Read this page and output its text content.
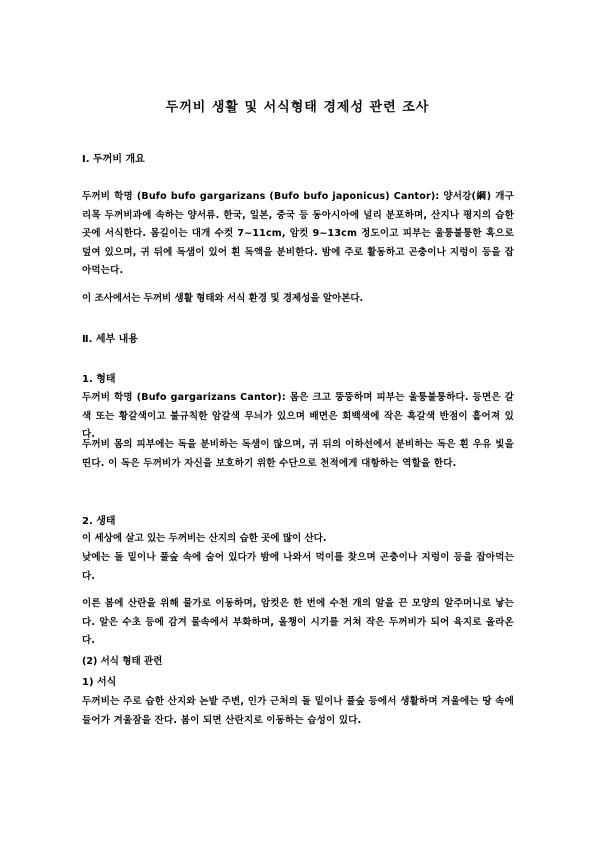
두꺼비 생활 및 서식형태 경제성 관련 조사
Ⅰ. 두꺼비 개요
두꺼비 학명 (Bufo bufo gargarizans (Bufo bufo japonicus) Cantor): 양서강(綱) 개구리목 두꺼비과에 속하는 양서류. 한국, 일본, 중국 등 동아시아에 널리 분포하며, 산지나 평지의 습한 곳에 서식한다. 몸길이는 대개 수컷 7~11cm, 암컷 9~13cm 정도이고 피부는 울퉁불퉁한 혹으로 덮여 있으며, 귀 뒤에 독샘이 있어 흰 독액을 분비한다. 밤에 주로 활동하고 곤충이나 지렁이 등을 잡아먹는다.
이 조사에서는 두꺼비 생활 형태와 서식 환경 및 경제성을 알아본다.
Ⅱ. 세부 내용
1. 형태
두꺼비 학명 (Bufo gargarizans Cantor): 몸은 크고 뚱뚱하며 피부는 울퉁불퉁하다. 등면은 갈색 또는 황갈색이고 불규칙한 암갈색 무늬가 있으며 배면은 회백색에 작은 흑갈색 반점이 흩어져 있다.
두꺼비 몸의 피부에는 독을 분비하는 독샘이 많으며, 귀 뒤의 이하선에서 분비하는 독은 흰 우유 빛을 띤다. 이 독은 두꺼비가 자신을 보호하기 위한 수단으로 천적에게 대항하는 역할을 한다.
2. 생태
이 세상에 살고 있는 두꺼비는 산지의 습한 곳에 많이 산다.
낮에는 돌 밑이나 풀숲 속에 숨어 있다가 밤에 나와서 먹이를 찾으며 곤충이나 지렁이 등을 잡아먹는다.
이른 봄에 산란을 위해 물가로 이동하며, 암컷은 한 번에 수천 개의 알을 끈 모양의 알주머니로 낳는다. 알은 수초 등에 감겨 물속에서 부화하며, 올챙이 시기를 거쳐 작은 두꺼비가 되어 육지로 올라온다.
(2) 서식 형태 관련
1) 서식
두꺼비는 주로 습한 산지와 논밭 주변, 인가 근처의 돌 밑이나 풀숲 등에서 생활하며 겨울에는 땅 속에 들어가 겨울잠을 잔다. 봄이 되면 산란지로 이동하는 습성이 있다.
